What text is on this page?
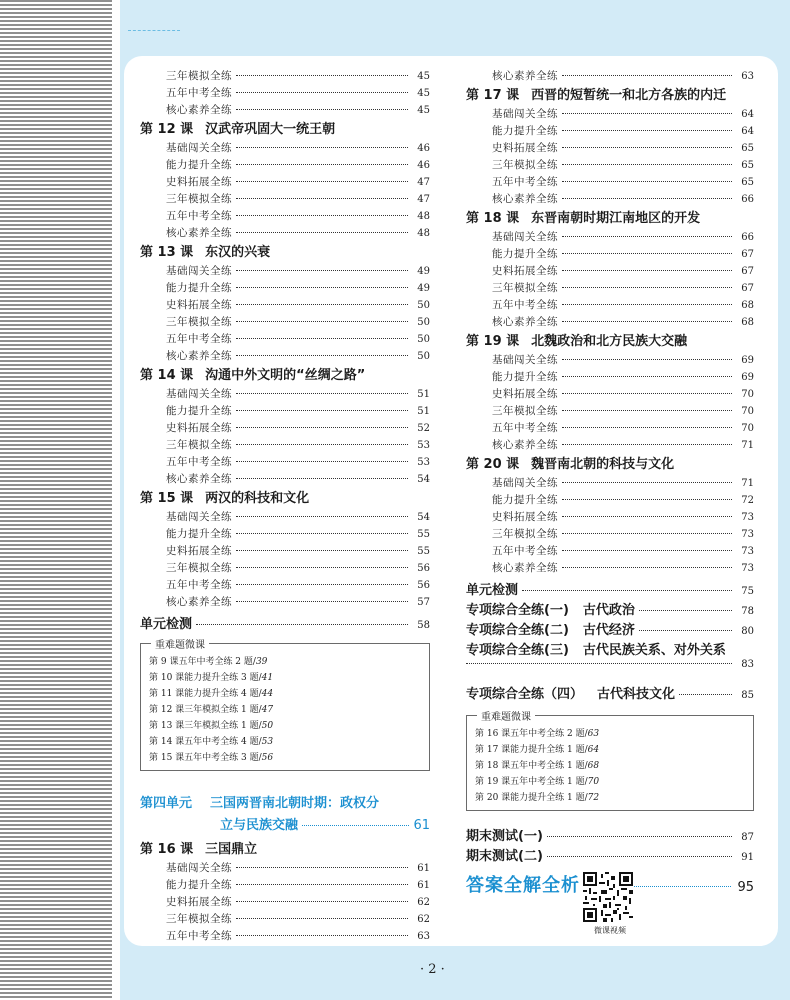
三年模拟全练	45
五年中考全练	45
核心素养全练	45
第 12 课 汉武帝巩固大一统王朝
基础闯关全练	46
能力提升全练	46
史料拓展全练	47
三年模拟全练	47
五年中考全练	48
核心素养全练	48
第 13 课 东汉的兴衰
基础闯关全练	49
能力提升全练	49
史料拓展全练	50
三年模拟全练	50
五年中考全练	50
核心素养全练	50
第 14 课 沟通中外文明的“丝绸之路”
基础闯关全练	51
能力提升全练	51
史料拓展全练	52
三年模拟全练	53
五年中考全练	53
核心素养全练	54
第 15 课 两汉的科技和文化
基础闯关全练	54
能力提升全练	55
史料拓展全练	55
三年模拟全练	56
五年中考全练	56
核心素养全练	57
单元检测	58
重难题微课
第 9 课五年中考全练 2 题/39
第 10 课能力提升全练 3 题/41
第 11 课能力提升全练 4 题/44
第 12 课三年模拟全练 1 题/47
第 13 课三年模拟全练 1 题/50
第 14 课五年中考全练 4 题/53
第 15 课五年中考全练 3 题/56
第四单元 三国两晋南北朝时期：政权分
立与民族交融	61
第 16 课 三国鼎立
基础闯关全练	61
能力提升全练	61
史料拓展全练	62
三年模拟全练	62
五年中考全练	63
核心素养全练	63
第 17 课 西晋的短暂统一和北方各族的内迁
基础闯关全练	64
能力提升全练	64
史料拓展全练	65
三年模拟全练	65
五年中考全练	65
核心素养全练	66
第 18 课 东晋南朝时期江南地区的开发
基础闯关全练	66
能力提升全练	67
史料拓展全练	67
三年模拟全练	67
五年中考全练	68
核心素养全练	68
第 19 课 北魏政治和北方民族大交融
基础闯关全练	69
能力提升全练	69
史料拓展全练	70
三年模拟全练	70
五年中考全练	70
核心素养全练	71
第 20 课 魏晋南北朝的科技与文化
基础闯关全练	71
能力提升全练	72
史料拓展全练	73
三年模拟全练	73
五年中考全练	73
核心素养全练	73
单元检测	75
专项综合全练(一) 古代政治	78
专项综合全练(二) 古代经济	80
专项综合全练(三) 古代民族关系、对外关系
83
专项综合全练（四） 古代科技文化	85
重难题微课
第 16 课五年中考全练 2 题/63
第 17 课能力提升全练 1 题/64
第 18 课五年中考全练 1 题/68
第 19 课五年中考全练 1 题/70
第 20 课能力提升全练 1 题/72
期末测试(一)	87
期末测试(二)	91
答案全解全析	95
微课视频
· 2 ·
